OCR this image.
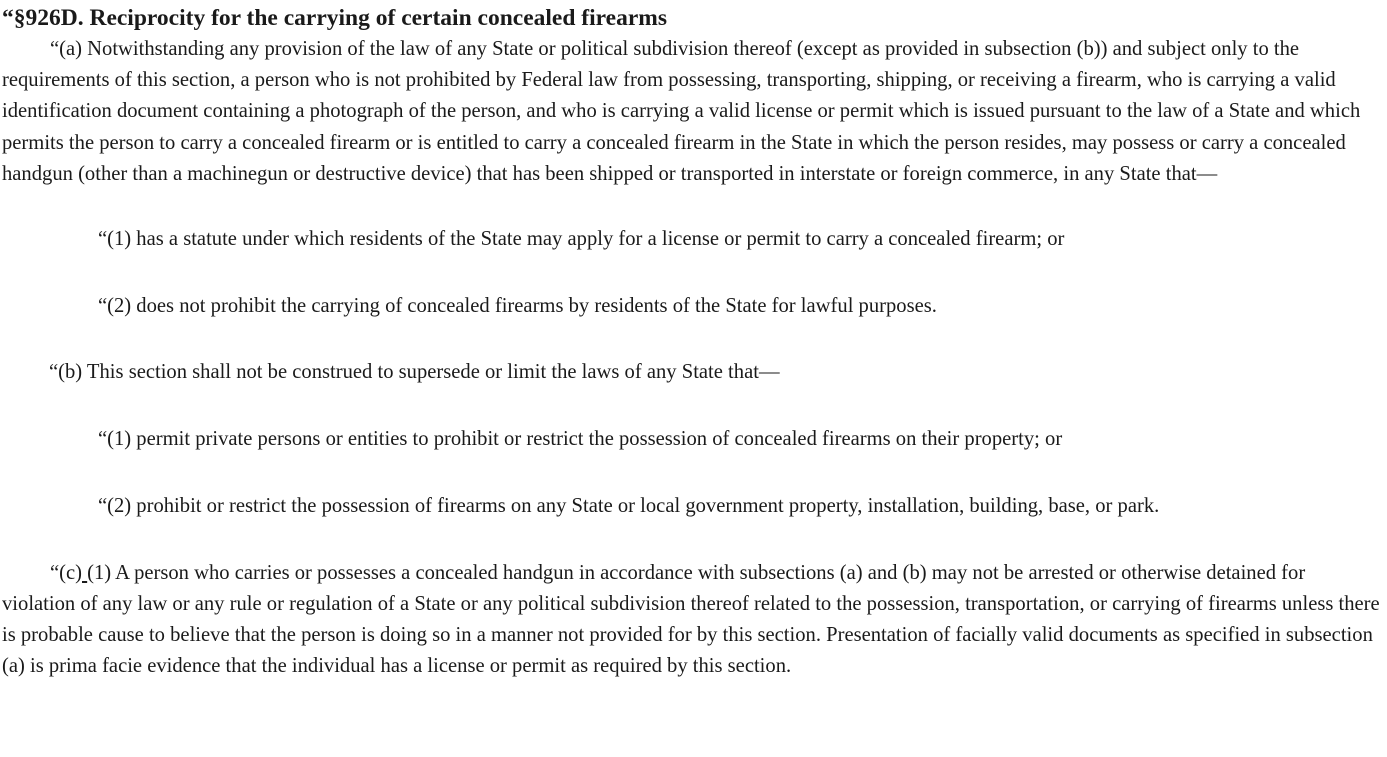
“§926D. Reciprocity for the carrying of certain concealed firearms

“(a) Notwithstanding any provision of the law of any State or political subdivision thereof (except as provided in subsection (b)) and subject only to the requirements of this section, a person who is not prohibited by Federal law from possessing, transporting, shipping, or receiving a firearm, who is carrying a valid identification document containing a photograph of the person, and who is carrying a valid license or permit which is issued pursuant to the law of a State and which permits the person to carry a concealed firearm or is entitled to carry a concealed firearm in the State in which the person resides, may possess or carry a concealed handgun (other than a machinegun or destructive device) that has been shipped or transported in interstate or foreign commerce, in any State that—

“(1) has a statute under which residents of the State may apply for a license or permit to carry a concealed firearm; or

“(2) does not prohibit the carrying of concealed firearms by residents of the State for lawful purposes.

“(b) This section shall not be construed to supersede or limit the laws of any State that—

“(1) permit private persons or entities to prohibit or restrict the possession of concealed firearms on their property; or

“(2) prohibit or restrict the possession of firearms on any State or local government property, installation, building, base, or park.

“(c) (1) A person who carries or possesses a concealed handgun in accordance with subsections (a) and (b) may not be arrested or otherwise detained for violation of any law or any rule or regulation of a State or any political subdivision thereof related to the possession, transportation, or carrying of firearms unless there is probable cause to believe that the person is doing so in a manner not provided for by this section. Presentation of facially valid documents as specified in subsection (a) is prima facie evidence that the individual has a license or permit as required by this section.
